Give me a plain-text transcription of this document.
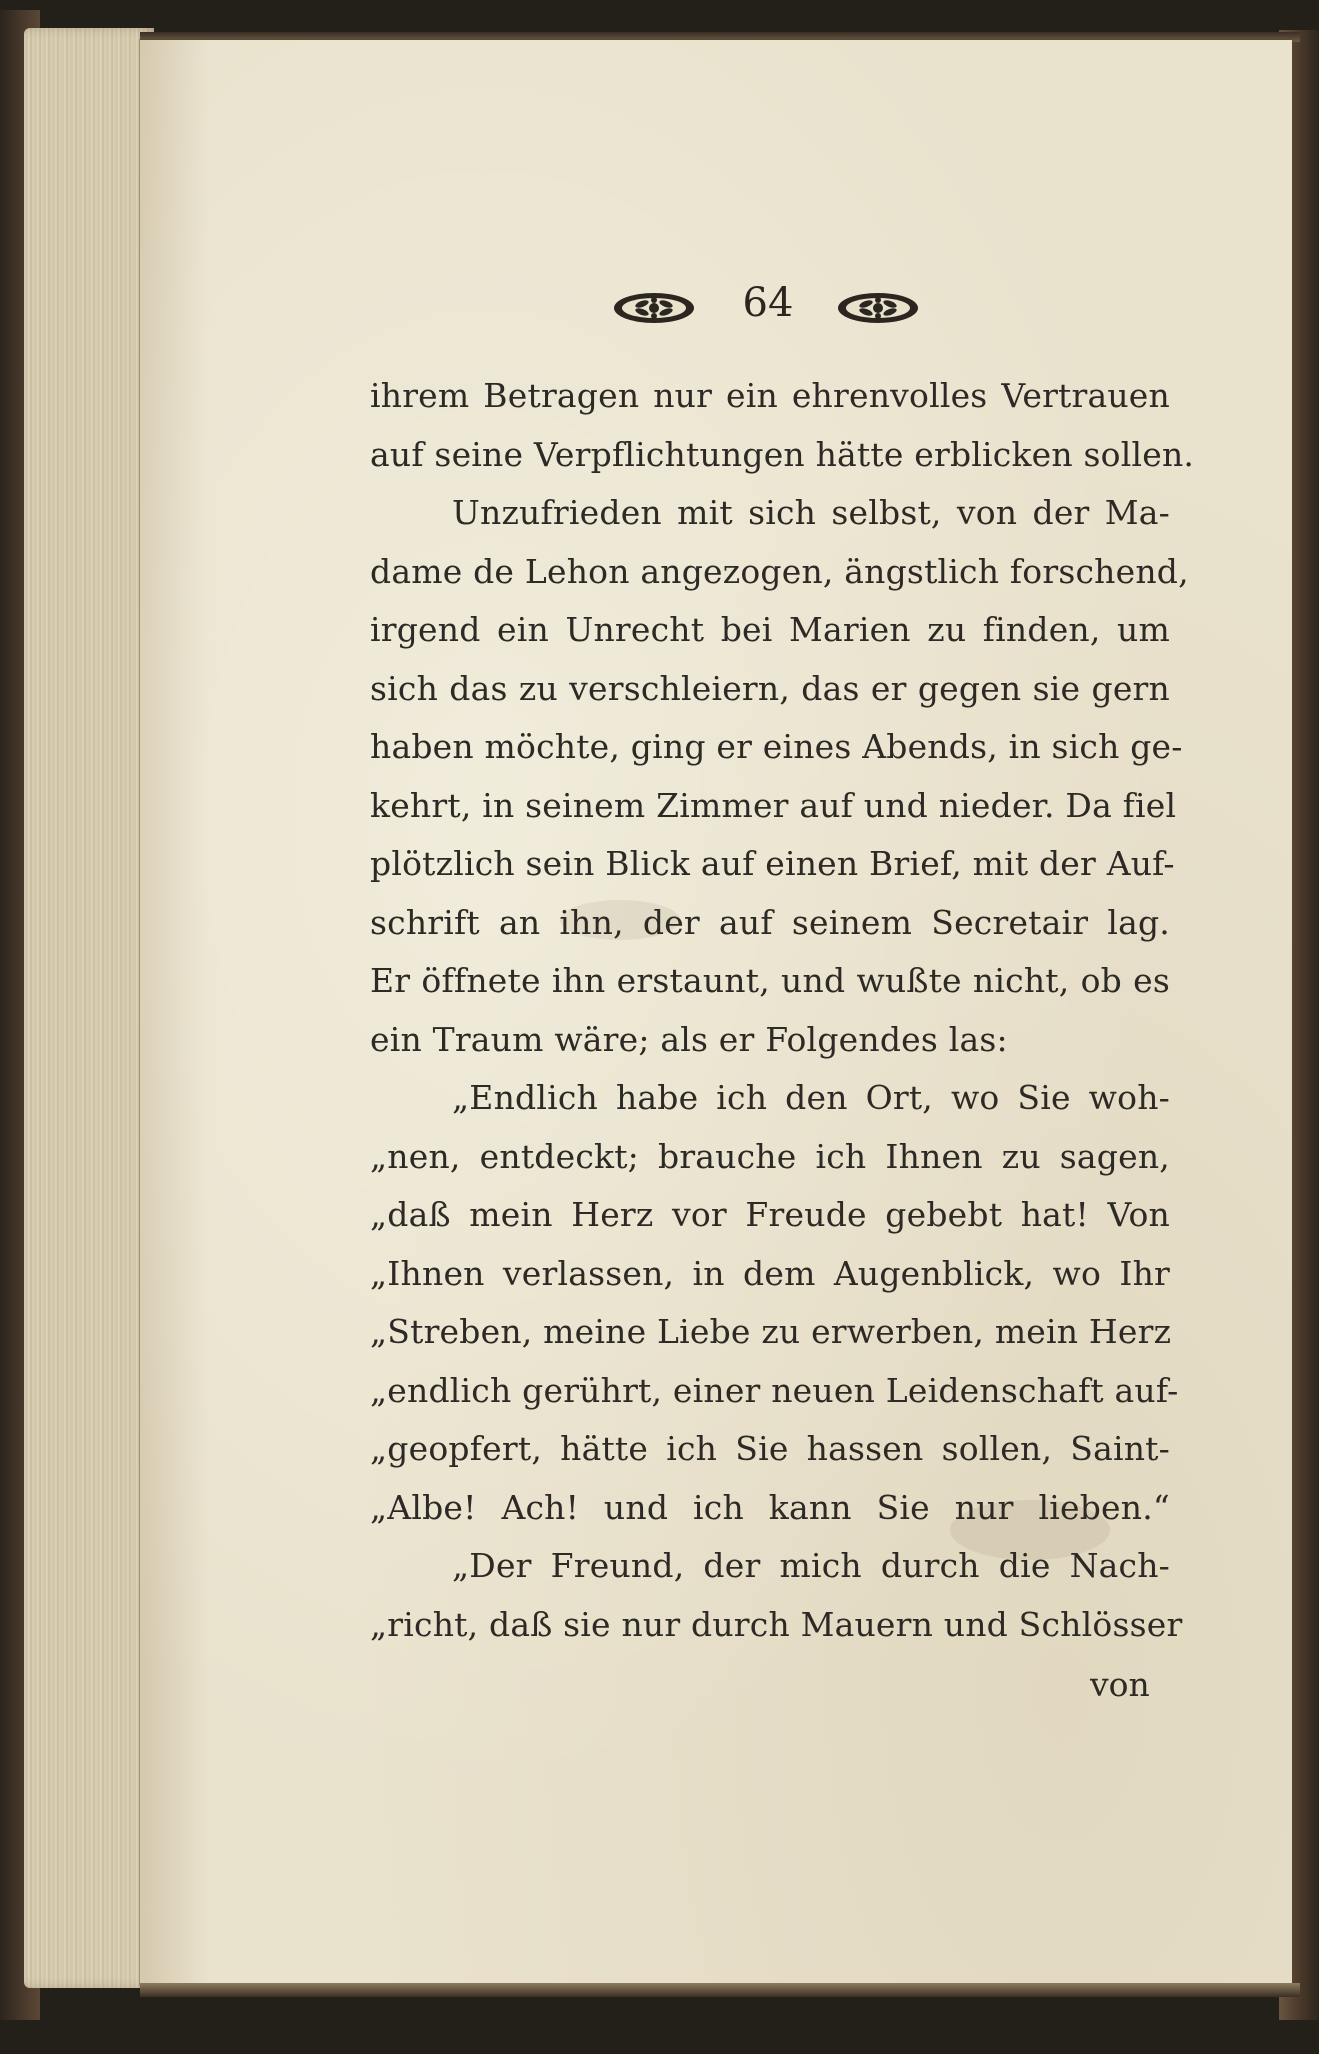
64
ihrem Betragen nur ein ehrenvolles Vertrauen
auf seine Verpflichtungen hätte erblicken sollen.
Unzufrieden mit sich selbst, von der Ma-
dame de Lehon angezogen, ängstlich forschend,
irgend ein Unrecht bei Marien zu finden, um
sich das zu verschleiern, das er gegen sie gern
haben möchte, ging er eines Abends, in sich ge-
kehrt, in seinem Zimmer auf und nieder. Da fiel
plötzlich sein Blick auf einen Brief, mit der Auf-
schrift an ihn, der auf seinem Secretair lag.
Er öffnete ihn erstaunt, und wußte nicht, ob es
ein Traum wäre; als er Folgendes las:
„Endlich habe ich den Ort, wo Sie woh-
„nen, entdeckt; brauche ich Ihnen zu sagen,
„daß mein Herz vor Freude gebebt hat! Von
„Ihnen verlassen, in dem Augenblick, wo Ihr
„Streben, meine Liebe zu erwerben, mein Herz
„endlich gerührt, einer neuen Leidenschaft auf-
„geopfert, hätte ich Sie hassen sollen, Saint-
„Albe! Ach! und ich kann Sie nur lieben.“
„Der Freund, der mich durch die Nach-
„richt, daß sie nur durch Mauern und Schlösser
von
